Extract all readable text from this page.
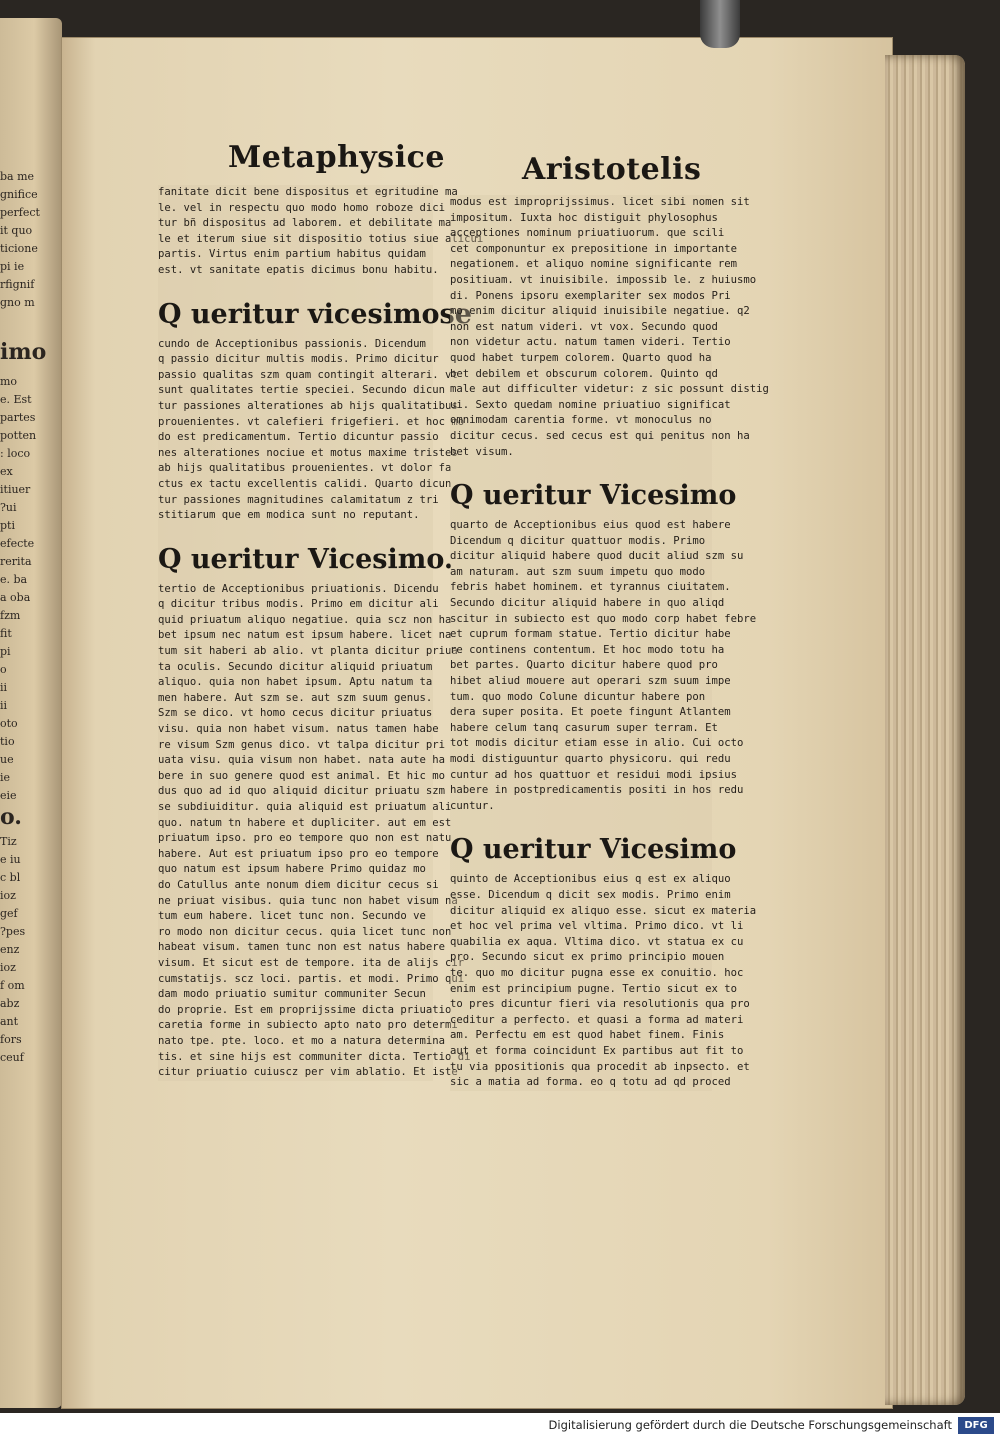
ba me
gnifice
perfect
it quo
ticione
pi ie
rfignif
gno m
imo
mo
e. Est
partes
potten
: loco
ex
itiuer
?ui
pti
efecte
rerita
e. ba
a oba
fzm
fit
pi
o
ii
ii
oto
tio
ue
ie
eie
o.
Tiz
e iu
c bl
ioz
gef
?pes
enz
ioz
f om
abz
ant
fors
ceuf
Metaphysice	Aristotelis

fanitate dicit bene dispositus et egritudine ma

le. vel in respectu quo modo homo roboze dici

tur bñ dispositus ad laborem. et debilitate ma

le et iterum siue sit dispositio totius siue alicui

partis. Virtus enim partium habitus quidam

est. vt sanitate epatis dicimus bonu habitu.

Q ueritur vicesimose

cundo de Acceptionibus passionis. Dicendum

q passio dicitur multis modis. Primo dicitur

passio qualitas szm quam contingit alterari. vt

sunt qualitates tertie speciei. Secundo dicun

tur passiones alterationes ab hijs qualitatibus

prouenientes. vt calefieri frigefieri. et hoc mo

do est predicamentum. Tertio dicuntur passio

nes alterationes nociue et motus maxime tristes

ab hijs qualitatibus prouenientes. vt dolor fa

ctus ex tactu excellentis calidi. Quarto dicun

tur passiones magnitudines calamitatum z tri

stitiarum que em modica sunt no reputant.

Q ueritur Vicesimo.

tertio de Acceptionibus priuationis. Dicendu

q dicitur tribus modis. Primo em dicitur ali

quid priuatum aliquo negatiue. quia scz non ha

bet ipsum nec natum est ipsum habere. licet na

tum sit haberi ab alio. vt planta dicitur priua

ta oculis. Secundo dicitur aliquid priuatum

aliquo. quia non habet ipsum. Aptu natum ta

men habere. Aut szm se. aut szm suum genus.

Szm se dico. vt homo cecus dicitur priuatus

visu. quia non habet visum. natus tamen habe

re visum Szm genus dico. vt talpa dicitur pri

uata visu. quia visum non habet. nata aute ha

bere in suo genere quod est animal. Et hic mo

dus quo ad id quo aliquid dicitur priuatu szm

se subdiuiditur. quia aliquid est priuatum ali

quo. natum tn habere et dupliciter. aut em est

priuatum ipso. pro eo tempore quo non est natu

habere. Aut est priuatum ipso pro eo tempore

quo natum est ipsum habere Primo quidaz mo

do Catullus ante nonum diem dicitur cecus si

ne priuat visibus. quia tunc non habet visum na

tum eum habere. licet tunc non. Secundo ve

ro modo non dicitur cecus. quia licet tunc non

habeat visum. tamen tunc non est natus habere

visum. Et sicut est de tempore. ita de alijs cir

cumstatijs. scz loci. partis. et modi. Primo qui

dam modo priuatio sumitur communiter Secun

do proprie. Est em proprijssime dicta priuatio

caretia forme in subiecto apto nato pro determi

nato tpe. pte. loco. et mo a natura determina

tis. et sine hijs est communiter dicta. Tertio di

citur priuatio cuiuscz per vim ablatio. Et iste

modus est improprijssimus. licet sibi nomen sit

impositum. Iuxta hoc distiguit phylosophus

acceptiones nominum priuatiuorum. que scili

cet componuntur ex prepositione in importante

negationem. et aliquo nomine significante rem

positiuam. vt inuisibile. impossib le. z huiusmo

di. Ponens ipsoru exemplariter sex modos Pri

mo enim dicitur aliquid inuisibile negatiue. q2

non est natum videri. vt vox. Secundo quod

non videtur actu. natum tamen videri. Tertio

quod habet turpem colorem. Quarto quod ha

bet debilem et obscurum colorem. Quinto qd

male aut difficulter videtur: z sic possunt distig

ui. Sexto quedam nomine priuatiuo significat

omnimodam carentia forme. vt monoculus no

dicitur cecus. sed cecus est qui penitus non ha

bet visum.

Q ueritur Vicesimo

quarto de Acceptionibus eius quod est habere

Dicendum q dicitur quattuor modis. Primo

dicitur aliquid habere quod ducit aliud szm su

am naturam. aut szm suum impetu quo modo

febris habet hominem. et tyrannus ciuitatem.

Secundo dicitur aliquid habere in quo aliqd

scitur in subiecto est quo modo corp habet febre

et cuprum formam statue. Tertio dicitur habe

re continens contentum. Et hoc modo totu ha

bet partes. Quarto dicitur habere quod pro

hibet aliud mouere aut operari szm suum impe

tum. quo modo Colune dicuntur habere pon

dera super posita. Et poete fingunt Atlantem

habere celum tanq casurum super terram. Et

tot modis dicitur etiam esse in alio. Cui octo

modi distiguuntur quarto physicoru. qui redu

cuntur ad hos quattuor et residui modi ipsius

habere in postpredicamentis positi in hos redu

cuntur.

Q ueritur Vicesimo

quinto de Acceptionibus eius q est ex aliquo

esse. Dicendum q dicit sex modis. Primo enim

dicitur aliquid ex aliquo esse. sicut ex materia

et hoc vel prima vel vltima. Primo dico. vt li

quabilia ex aqua. Vltima dico. vt statua ex cu

pro. Secundo sicut ex primo principio mouen

te. quo mo dicitur pugna esse ex conuitio. hoc

enim est principium pugne. Tertio sicut ex to

to pres dicuntur fieri via resolutionis qua pro

ceditur a perfecto. et quasi a forma ad materi

am. Perfectu em est quod habet finem. Finis

aut et forma coincidunt Ex partibus aut fit to

tu via ppositionis qua procedit ab inpsecto. et

sic a matia ad forma. eo q totu ad qd proced

Digitalisierung gefördert durch die Deutsche Forschungsgemeinschaft	DFG
